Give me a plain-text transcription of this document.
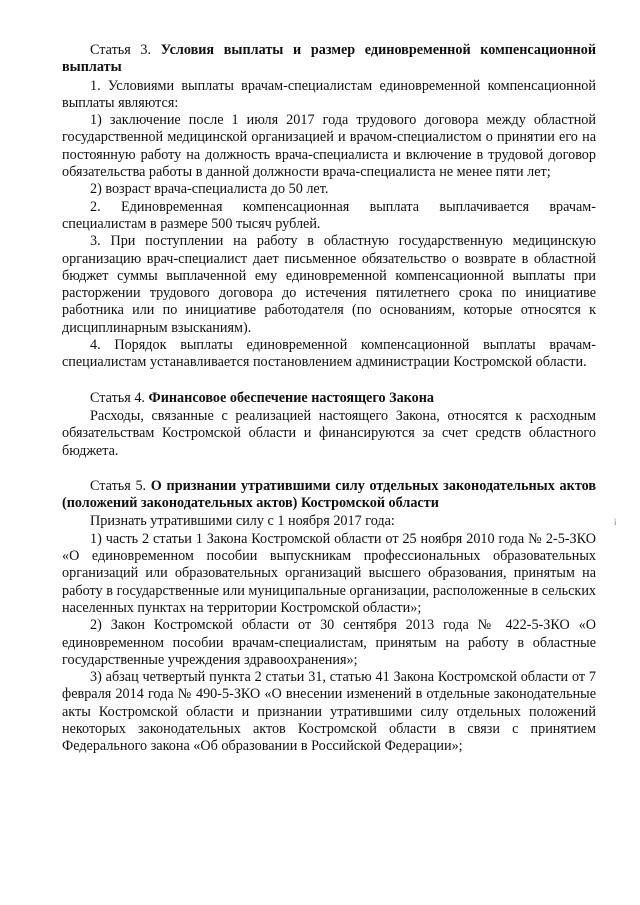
Статья 3. Условия выплаты и размер единовременной компенсационной выплаты

1. Условиями выплаты врачам-специалистам единовременной компенсационной выплаты являются:

1) заключение после 1 июля 2017 года трудового договора между областной государственной медицинской организацией и врачом-специалистом о принятии его на постоянную работу на должность врача-специалиста и включение в трудовой договор обязательства работы в данной должности врача-специалиста не менее пяти лет;

2) возраст врача-специалиста до 50 лет.

2. Единовременная компенсационная выплата выплачивается врачам-специалистам в размере 500 тысяч рублей.

3. При поступлении на работу в областную государственную медицинскую организацию врач-специалист дает письменное обязательство о возврате в областной бюджет суммы выплаченной ему единовременной компенсационной выплаты при расторжении трудового договора до истечения пятилетнего срока по инициативе работника или по инициативе работодателя (по основаниям, которые относятся к дисциплинарным взысканиям).

4. Порядок выплаты единовременной компенсационной выплаты врачам-специалистам устанавливается постановлением администрации Костромской области.

Статья 4. Финансовое обеспечение настоящего Закона

Расходы, связанные с реализацией настоящего Закона, относятся к расходным обязательствам Костромской области и финансируются за счет средств областного бюджета.

Статья 5. О признании утратившими силу отдельных законодательных актов (положений законодательных актов) Костромской области

Признать утратившими силу с 1 ноября 2017 года:

1) часть 2 статьи 1 Закона Костромской области от 25 ноября 2010 года № 2-5-ЗКО «О единовременном пособии выпускникам профессиональных образовательных организаций или образовательных организаций высшего образования, принятым на работу в государственные или муниципальные организации, расположенные в сельских населенных пунктах на территории Костромской области»;

2) Закон Костромской области от 30 сентября 2013 года № 422-5-ЗКО «О единовременном пособии врачам-специалистам, принятым на работу в областные государственные учреждения здравоохранения»;

3) абзац четвертый пункта 2 статьи 31, статью 41 Закона Костромской области от 7 февраля 2014 года № 490-5-ЗКО «О внесении изменений в отдельные законодательные акты Костромской области и признании утратившими силу отдельных положений некоторых законодательных актов Костромской области в связи с принятием Федерального закона «Об образовании в Российской Федерации»;

ì
